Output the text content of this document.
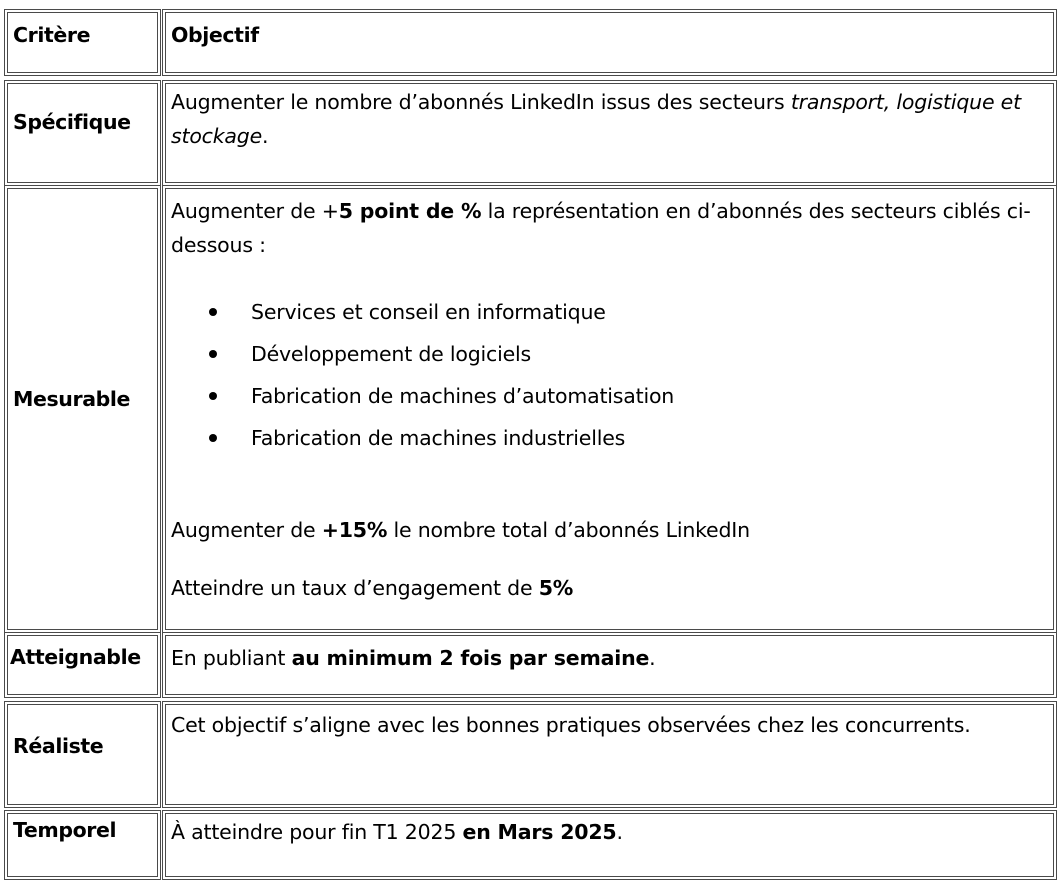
Critère	Objectif
Spécifique
Augmenter le nombre d’abonnés LinkedIn issus des secteurs transport, logistique et stockage.
Mesurable
Augmenter de +5 point de % la représentation en d’abonnés des secteurs ciblés ci-dessous :
Services et conseil en informatique
Développement de logiciels
Fabrication de machines d’automatisation
Fabrication de machines industrielles
Augmenter de +15% le nombre total d’abonnés LinkedIn
Atteindre un taux d’engagement de 5%
Atteignable En publiant au minimum 2 fois par semaine.
Réaliste
Cet objectif s’aligne avec les bonnes pratiques observées chez les concurrents.
Temporel	À atteindre pour fin T1 2025 en Mars 2025.
